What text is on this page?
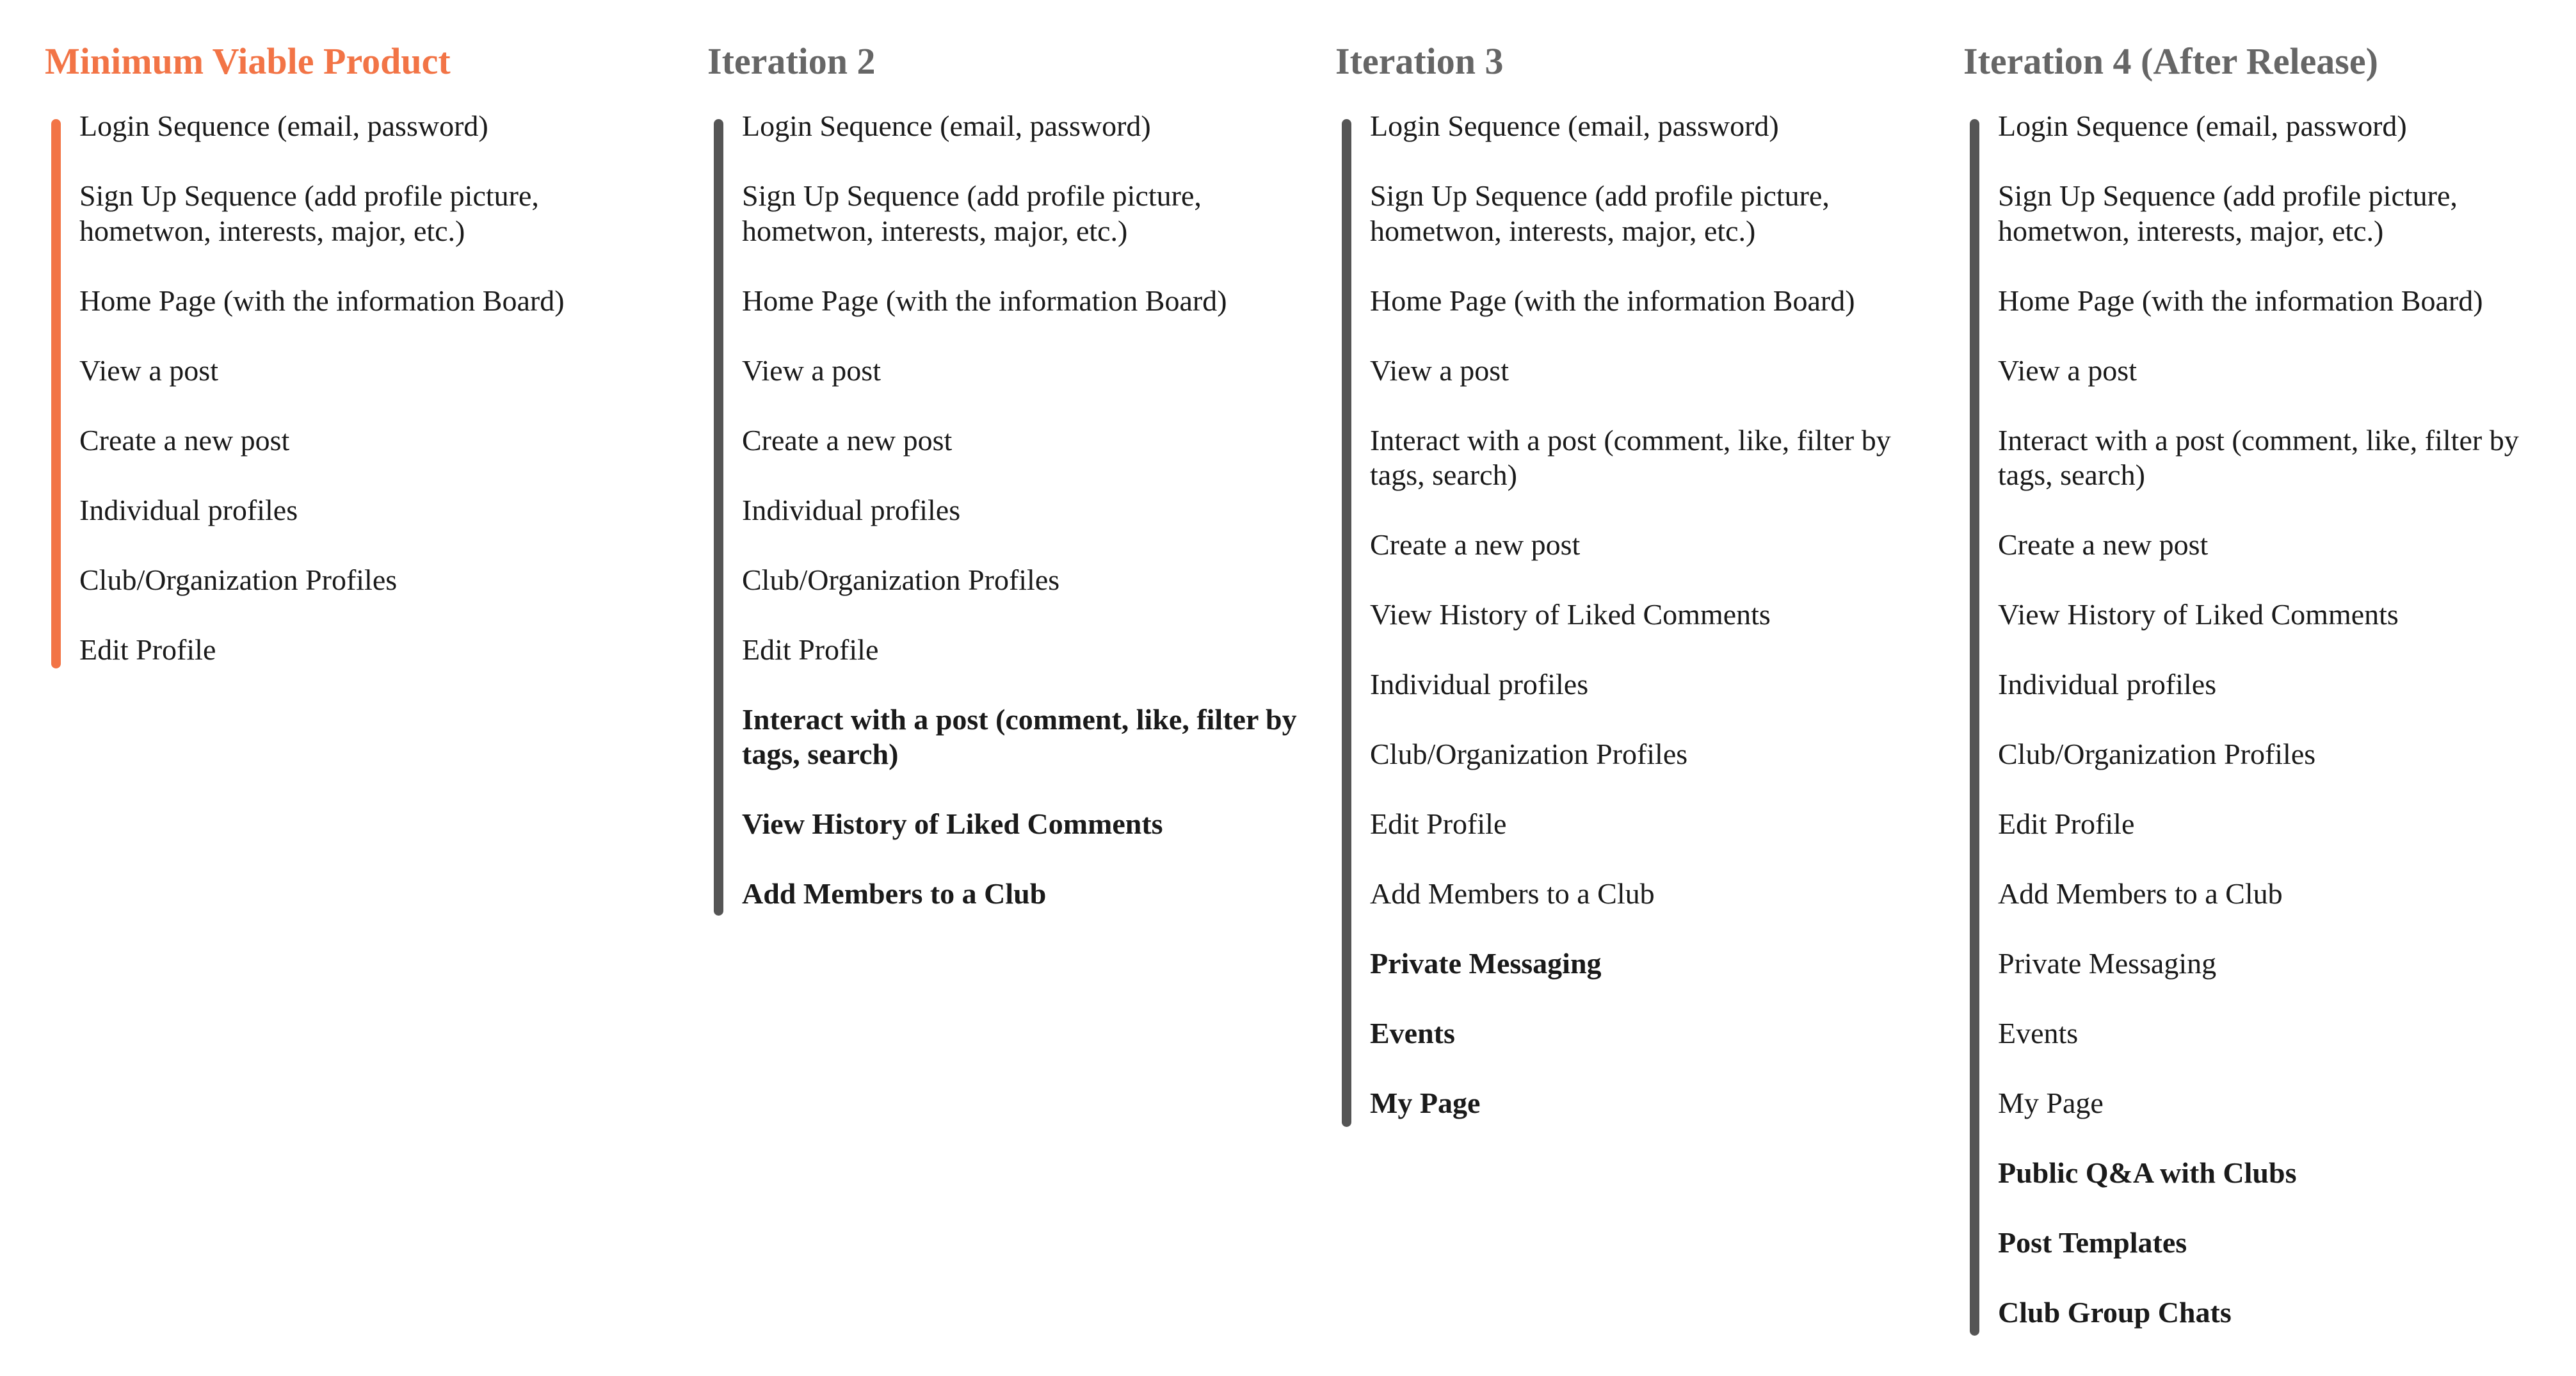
Minimum Viable Product
Login Sequence (email, password)
Sign Up Sequence (add profile picture, hometwon, interests, major, etc.)
Home Page (with the information Board)
View a post
Create a new post
Individual profiles
Club/Organization Profiles
Edit Profile
Iteration 2
Login Sequence (email, password)
Sign Up Sequence (add profile picture, hometwon, interests, major, etc.)
Home Page (with the information Board)
View a post
Create a new post
Individual profiles
Club/Organization Profiles
Edit Profile
Interact with a post (comment, like, filter by tags, search)
View History of Liked Comments
Add Members to a Club
Iteration 3
Login Sequence (email, password)
Sign Up Sequence (add profile picture, hometwon, interests, major, etc.)
Home Page (with the information Board)
View a post
Interact with a post (comment, like, filter by tags, search)
Create a new post
View History of Liked Comments
Individual profiles
Club/Organization Profiles
Edit Profile
Add Members to a Club
Private Messaging
Events
My Page
Iteration 4 (After Release)
Login Sequence (email, password)
Sign Up Sequence (add profile picture, hometwon, interests, major, etc.)
Home Page (with the information Board)
View a post
Interact with a post (comment, like, filter by tags, search)
Create a new post
View History of Liked Comments
Individual profiles
Club/Organization Profiles
Edit Profile
Add Members to a Club
Private Messaging
Events
My Page
Public Q&A with Clubs
Post Templates
Club Group Chats
